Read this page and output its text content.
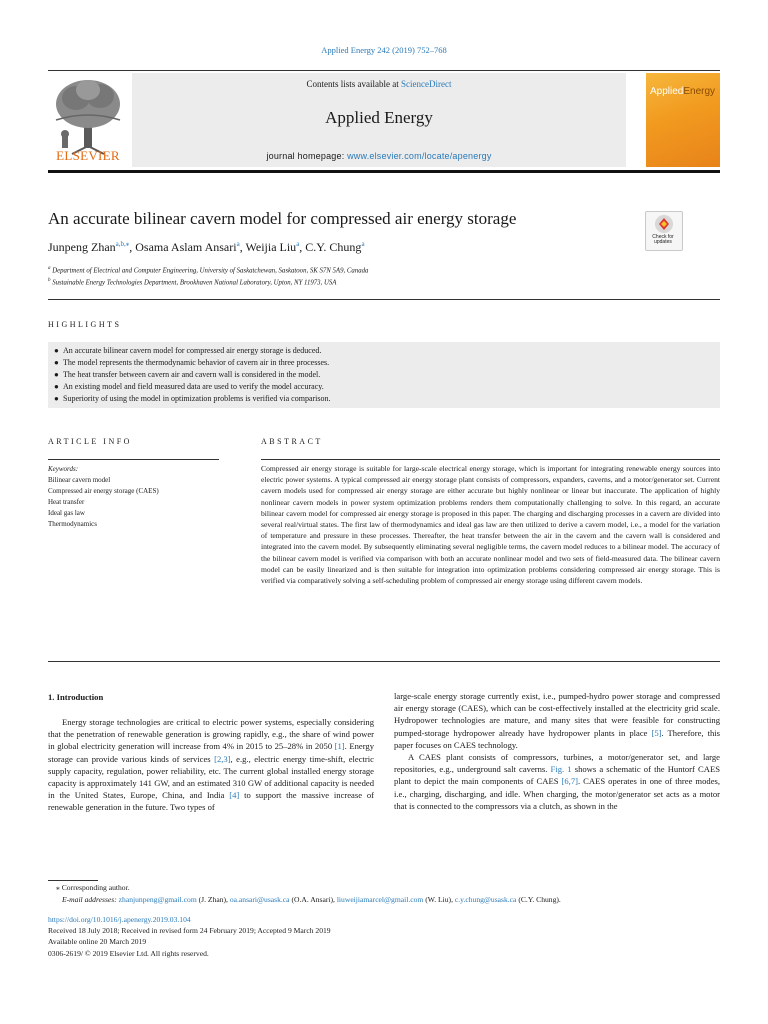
Applied Energy 242 (2019) 752–768
ELSEVIER
Contents lists available at ScienceDirect
Applied Energy
journal homepage: www.elsevier.com/locate/apenergy
AppliedEnergy
An accurate bilinear cavern model for compressed air energy storage
Junpeng Zhan$^{a,b,⁎}$, Osama Aslam Ansari$^a$, Weijia Liu$^a$, C.Y. Chung$^a$
$^a$ Department of Electrical and Computer Engineering, University of Saskatchewan, Saskatoon, SK S7N 5A9, Canada
$^b$ Sustainable Energy Technologies Department, Brookhaven National Laboratory, Upton, NY 11973, USA
Check for updates
HIGHLIGHTS
● An accurate bilinear cavern model for compressed air energy storage is deduced.
● The model represents the thermodynamic behavior of cavern air in three processes.
● The heat transfer between cavern air and cavern wall is considered in the model.
● An existing model and field measured data are used to verify the model accuracy.
● Superiority of using the model in optimization problems is verified via comparison.
ARTICLE INFO
Keywords:
Bilinear cavern model
Compressed air energy storage (CAES)
Heat transfer
Ideal gas law
Thermodynamics
ABSTRACT
Compressed air energy storage is suitable for large-scale electrical energy storage, which is important for integrating renewable energy sources into electric power systems. A typical compressed air energy storage plant consists of compressors, expanders, caverns, and a motor/generator set. Current cavern models used for compressed air energy storage are either accurate but highly nonlinear or linear but inaccurate. The application of highly nonlinear cavern models in power system optimization problems renders them computationally challenging to solve. In this regard, an accurate bilinear cavern model for compressed air energy storage is proposed in this paper. The charging and discharging processes in a cavern are divided into several real/virtual states. The first law of thermodynamics and ideal gas law are then utilized to derive a cavern model, i.e., a model for the variation of temperature and pressure in these processes. Thereafter, the heat transfer between the air in the cavern and the cavern wall is considered and integrated into the cavern model. By subsequently eliminating several negligible terms, the cavern model reduces to a bilinear model. The accuracy of the bilinear cavern model is verified via comparison with both an accurate nonlinear model and two sets of field-measured data. The bilinear cavern model can be easily linearized and is then suitable for integration into optimization problems considering compressed air energy storage. This is verified via comparatively solving a self-scheduling problem of compressed air energy storage using different cavern models.
1. Introduction

Energy storage technologies are critical to electric power systems, especially considering that the penetration of renewable generation is growing rapidly, e.g., the share of wind power in global electricity generation will increase from 4% in 2015 to 25–28% in 2050 [1]. Energy storage can provide various kinds of services [2,3], e.g., electric energy time-shift, electric supply capacity, regulation, power reliability, etc. The current global installed energy storage capacity is approximately 141 GW, and an estimated 310 GW of additional capacity is needed in the United States, Europe, China, and India [4] to support the massive increase of renewable generation in the future. Two types of

large-scale energy storage currently exist, i.e., pumped-hydro power storage and compressed air energy storage (CAES), which can be cost-effectively installed at the electricity grid scale. Hydropower technologies are mature, and many sites that were feasible for constructing pumped-storage hydropower already have hydropower plants in place [5]. Therefore, this paper focuses on CAES technology.

A CAES plant consists of compressors, turbines, a motor/generator set, and large repositories, e.g., underground salt caverns. Fig. 1 shows a schematic of the Huntorf CAES plant to depict the main components of CAES [6,7]. CAES operates in one of three modes, i.e., charging, discharging, and idle. When charging, the motor/generator set acts as a motor that is connected to the compressors via a clutch, as shown in the

⁎ Corresponding author.
E-mail addresses: zhanjunpeng@gmail.com (J. Zhan), oa.ansari@usask.ca (O.A. Ansari), liuweijiamarcel@gmail.com (W. Liu), c.y.chung@usask.ca (C.Y. Chung).
https://doi.org/10.1016/j.apenergy.2019.03.104
Received 18 July 2018; Received in revised form 24 February 2019; Accepted 9 March 2019
Available online 20 March 2019
0306-2619/ © 2019 Elsevier Ltd. All rights reserved.
